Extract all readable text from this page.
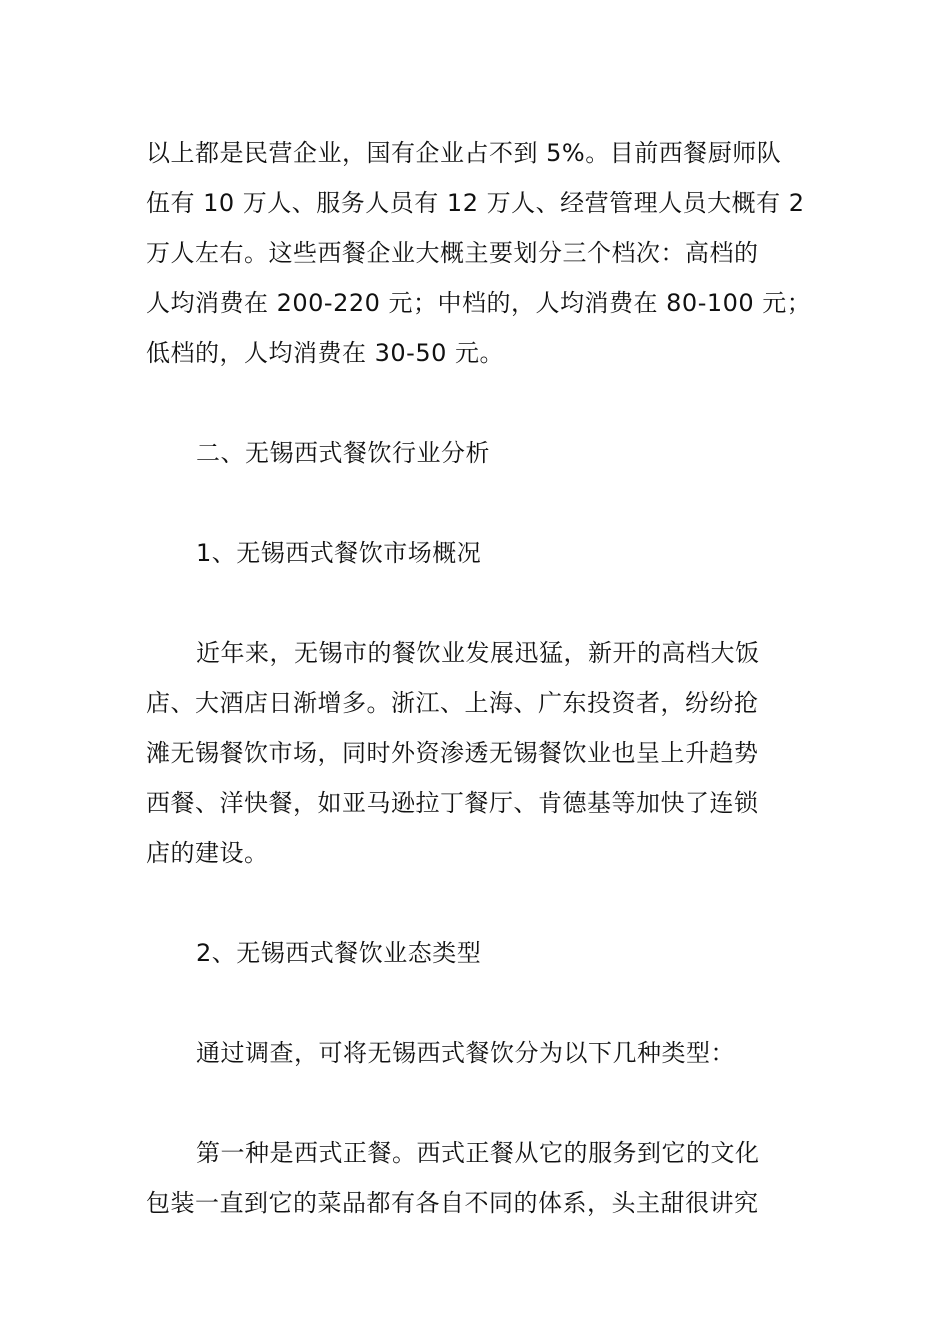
以上都是民营企业，国有企业占不到 5%。目前西餐厨师队
伍有 10 万人、服务人员有 12 万人、经营管理人员大概有 2
万人左右。这些西餐企业大概主要划分三个档次：高档的
人均消费在 200-220 元；中档的，人均消费在 80-100 元；
低档的，人均消费在 30-50 元。

二、无锡西式餐饮行业分析

1、无锡西式餐饮市场概况

近年来，无锡市的餐饮业发展迅猛，新开的高档大饭
店、大酒店日渐增多。浙江、上海、广东投资者，纷纷抢
滩无锡餐饮市场，同时外资渗透无锡餐饮业也呈上升趋势
西餐、洋快餐，如亚马逊拉丁餐厅、肯德基等加快了连锁
店的建设。

2、无锡西式餐饮业态类型

通过调查，可将无锡西式餐饮分为以下几种类型：

第一种是西式正餐。西式正餐从它的服务到它的文化
包装一直到它的菜品都有各自不同的体系，头主甜很讲究
